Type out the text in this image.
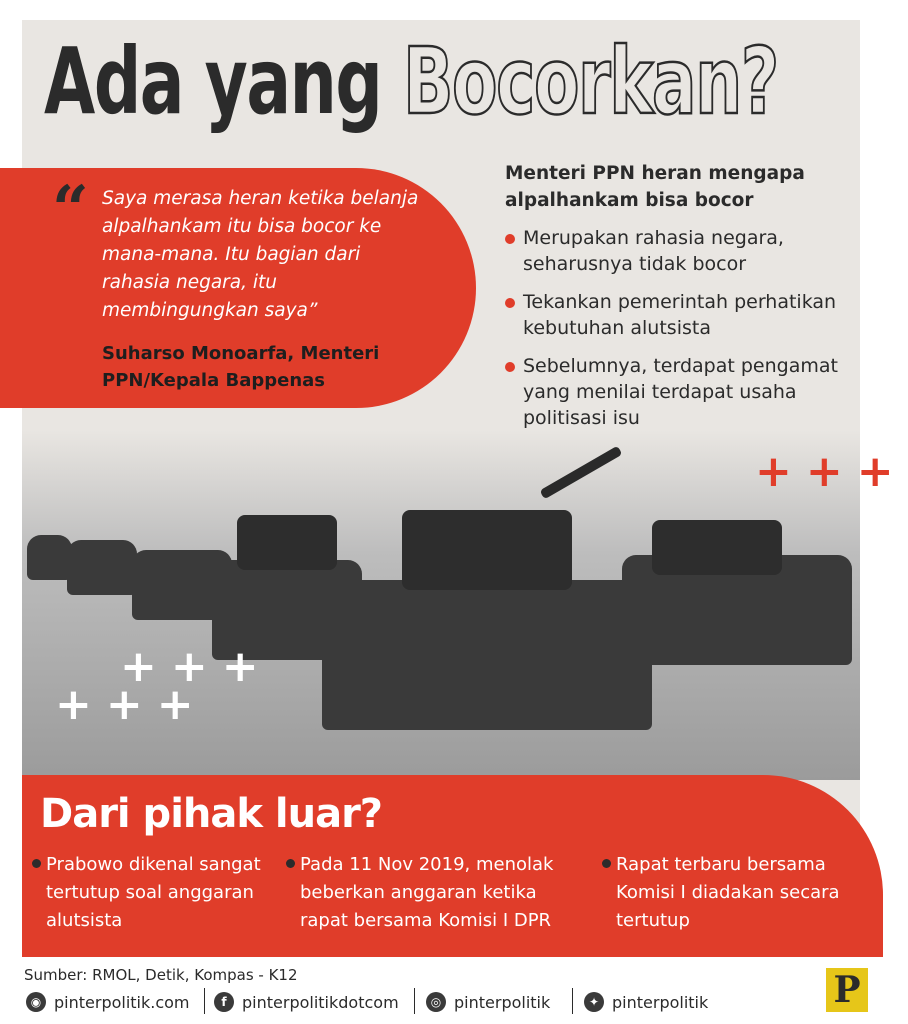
Ada yang Bocorkan?
“ Saya merasa heran ketika belanja alpalhankam itu bisa bocor ke mana-mana. Itu bagian dari rahasia negara, itu membingungkan saya”
Suharso Monoarfa, Menteri PPN/Kepala Bappenas
Menteri PPN heran mengapa alpalhankam bisa bocor
Merupakan rahasia negara, seharusnya tidak bocor
Tekankan pemerintah perhatikan kebutuhan alutsista
Sebelumnya, terdapat pengamat yang menilai terdapat usaha politisasi isu
+++
+++
+++
Dari pihak luar?
Prabowo dikenal sangat tertutup soal anggaran alutsista
Pada 11 Nov 2019, menolak beberkan anggaran ketika rapat bersama Komisi I DPR
Rapat terbaru bersama Komisi I diadakan secara tertutup
Sumber: RMOL, Detik, Kompas - K12
◉ pinterpolitik.com	f pinterpolitikdotcom	◎ pinterpolitik	✦ pinterpolitik	P
